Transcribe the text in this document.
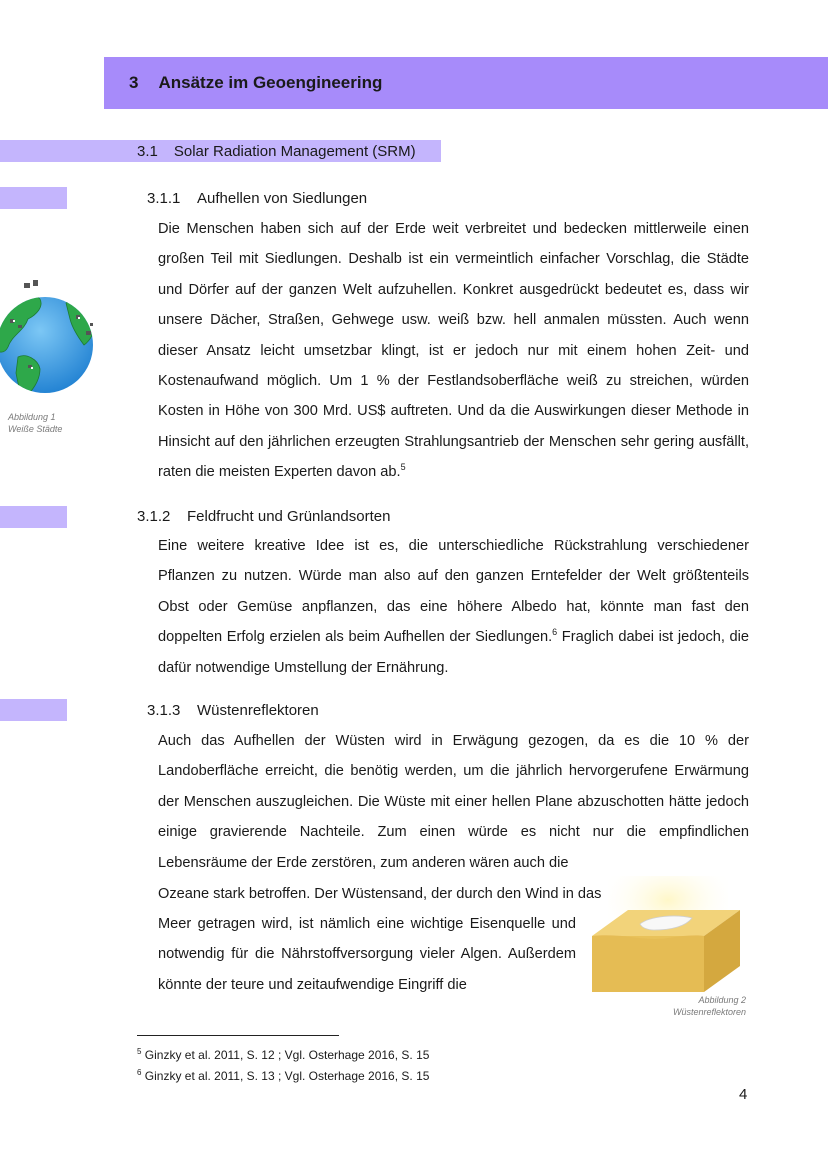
3 Ansätze im Geoengineering
3.1 Solar Radiation Management (SRM)
Abbildung 1
Weiße Städte
3.1.1	Aufhellen von Siedlungen

Die Menschen haben sich auf der Erde weit verbreitet und bedecken mittlerweile einen großen Teil mit Siedlungen. Deshalb ist ein vermeintlich einfacher Vorschlag, die Städte und Dörfer auf der ganzen Welt aufzuhellen. Konkret ausgedrückt bedeutet es, dass wir unsere Dächer, Straßen, Gehwege usw. weiß bzw. hell anmalen müssten. Auch wenn dieser Ansatz leicht umsetzbar klingt, ist er jedoch nur mit einem hohen Zeit- und Kostenaufwand möglich. Um 1 % der Festlandsoberfläche weiß zu streichen, würden Kosten in Höhe von 300 Mrd. US$ auftreten. Und da die Auswirkungen dieser Methode in Hinsicht auf den jährlichen erzeugten Strahlungsantrieb der Menschen sehr gering ausfällt, raten die meisten Experten davon ab.$^5$

3.1.2	Feldfrucht und Grünlandsorten

Eine weitere kreative Idee ist es, die unterschiedliche Rückstrahlung verschiedener Pflanzen zu nutzen. Würde man also auf den ganzen Erntefelder der Welt größtenteils Obst oder Gemüse anpflanzen, das eine höhere Albedo hat, könnte man fast den doppelten Erfolg erzielen als beim Aufhellen der Siedlungen.$^6$ Fraglich dabei ist jedoch, die dafür notwendige Umstellung der Ernährung.

3.1.3	Wüstenreflektoren

Auch das Aufhellen der Wüsten wird in Erwägung gezogen, da es die 10 % der Landoberfläche erreicht, die benötig werden, um die jährlich hervorgerufene Erwärmung der Menschen auszugleichen. Die Wüste mit einer hellen Plane abzuschotten hätte jedoch einige gravierende Nachteile. Zum einen würde es nicht nur die empfindlichen Lebensräume der Erde zerstören, zum anderen wären auch die

Ozeane stark betroffen. Der Wüstensand, der durch den Wind in das

Meer getragen wird, ist nämlich eine wichtige Eisenquelle und notwendig für die Nährstoffversorgung vieler Algen. Außerdem könnte der teure und zeitaufwendige Eingriff die

Abbildung 2
Wüstenreflektoren
$^5$ Ginzky et al. 2011, S. 12 ; Vgl. Osterhage 2016, S. 15
$^6$ Ginzky et al. 2011, S. 13 ; Vgl. Osterhage 2016, S. 15
4
